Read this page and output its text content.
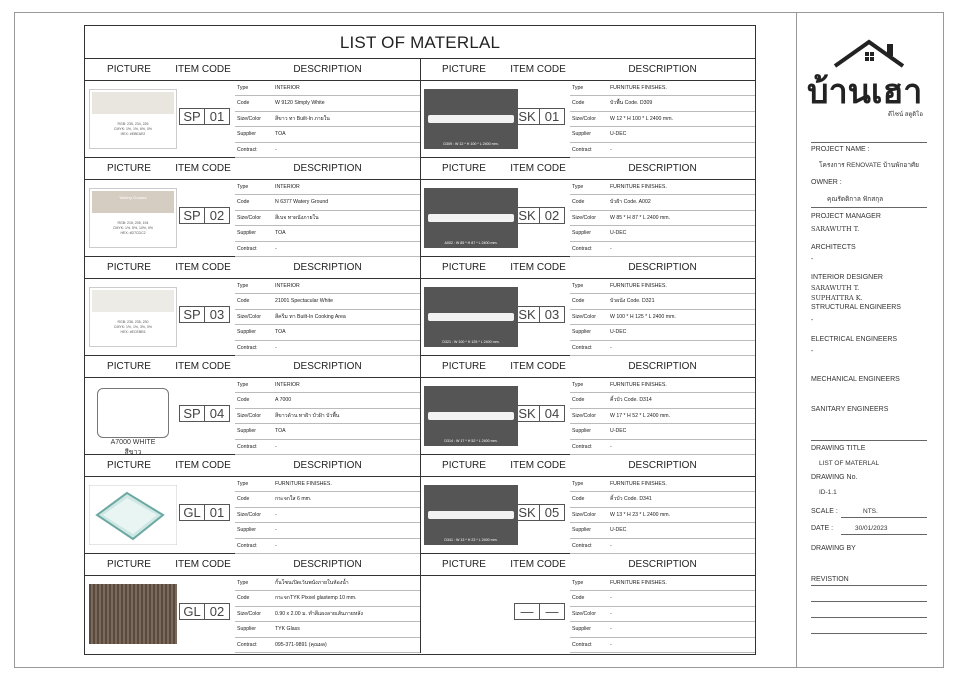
LIST OF MATERLAL
PICTURE	ITEM CODE	DESCRIPTION	PICTURE	ITEM CODE	DESCRIPTION
RGB: 235, 234, 226
CMYK: 1%, 1%, 6%, 0%
HEX: #EBEAE2
SP 01
Type	INTERIOR
Code	W 9120 Simply White
Size/Color	สีขาว ทา Built-In ภายใน
Supplier	TOA
Contract	-
D309 : W 12 * H 100 * L 2400 mm.
SK 01
Type	FURNITURE FINISHES.
Code	บัวพื้น Code. D309
Size/Color	W 12 * H 100 * L 2400 mm.
Supplier	U-DEC
Contract	-
PICTURE	ITEM CODE	DESCRIPTION	PICTURE	ITEM CODE	DESCRIPTION
Watery Ground
RGB: 215, 205, 194
CMYK: 1%, 5%, 10%, 0%
HEX: #D7CDC2
SP 02
Type	INTERIOR
Code	N 6377 Watery Ground
Size/Color	สีเบจ ทาผนังภายใน
Supplier	TOA
Contract	-
A002 : W 85 * H 87 * L 2400 mm.
SK 02
Type	FURNITURE FINISHES.
Code	บัวฝ้า Code. A002
Size/Color	W 85 * H 87 * L 2400 mm.
Supplier	U-DEC
Contract	-
PICTURE	ITEM CODE	DESCRIPTION	PICTURE	ITEM CODE	DESCRIPTION
RGB: 236, 235, 230
CMYK: 1%, 1%, 3%, 0%
HEX: #ECEBE6
SP 03
Type	INTERIOR
Code	21001 Spectacular White
Size/Color	สีครีม ทา Built-In Cooking Area
Supplier	TOA
Contract	-
D321 : W 100 * H 125 * L 2400 mm.
SK 03
Type	FURNITURE FINISHES.
Code	บัวผนัง Code. D321
Size/Color	W 100 * H 125 * L 2400 mm.
Supplier	U-DEC
Contract	-
PICTURE	ITEM CODE	DESCRIPTION	PICTURE	ITEM CODE	DESCRIPTION
A7000 WHITE
สีขาว
SP 04
Type	INTERIOR
Code	A 7000
Size/Color	สีขาวด้าน ทาฝ้า บัวฝ้า บัวพื้น
Supplier	TOA
Contract	-
D314 : W 17 * H 52 * L 2400 mm.
SK 04
Type	FURNITURE FINISHES.
Code	คิ้วบัว Code. D314
Size/Color	W 17 * H 52 * L 2400 mm.
Supplier	U-DEC
Contract	-
PICTURE	ITEM CODE	DESCRIPTION	PICTURE	ITEM CODE	DESCRIPTION
GL 01
Type	FURNITURE FINISHES.
Code	กระจกใส 6 mm.
Size/Color	-
Supplier	-
Contract	-
D341 : W 13 * H 23 * L 2400 mm.
SK 05
Type	FURNITURE FINISHES.
Code	คิ้วบัว Code. D341
Size/Color	W 13 * H 23 * L 2400 mm.
Supplier	U-DEC
Contract	-
PICTURE	ITEM CODE	DESCRIPTION	PICTURE	ITEM CODE	DESCRIPTION
GL 02
Type	กั้นโซนเปิดเว้นพนังภายในห้องน้ำ
Code	กระจกTYK Pixxel glastemp 10 mm.
Size/Color	0.90 x 2.00 ม. ทำสีแผงลายเส้นภายหลัง
Supplier	TYK Glass
Contract	095-371-9891 (คุณผล)
— —
Type	FURNITURE FINISHES.
Code	-
Size/Color	-
Supplier	-
Contract	-
บ้านเฮา
ดีไซน์ สตูดิโอ
PROJECT NAME :
โครงการ RENOVATE บ้านพักอาศัย
OWNER :
คุณรัตติกาล ฟักสกุล
PROJECT MANAGER
SARAWUTH T.
ARCHITECTS
-
INTERIOR DESIGNER
SARAWUTH T.
SUPHATTRA K.
STRUCTURAL ENGINEERS
-
ELECTRICAL ENGINEERS
-
MECHANICAL ENGINEERS
SANITARY ENGINEERS
DRAWING TITLE
LIST OF MATERLAL
DRAWING No.
ID-1.1
SCALE :	NTS.
DATE :	30/01/2023
DRAWING BY
REVISTION
